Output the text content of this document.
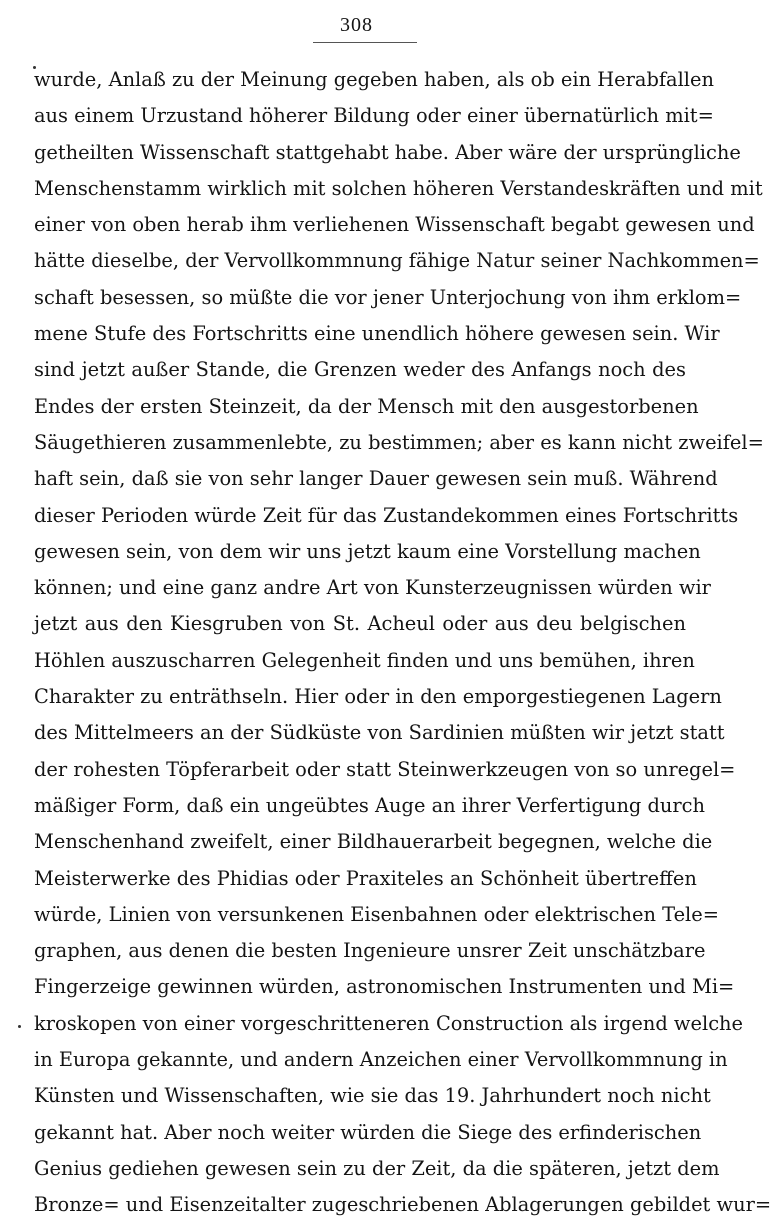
308
wurde, Anlaß zu der Meinung gegeben haben, als ob ein Herabfallen
aus einem Urzustand höherer Bildung oder einer übernatürlich mit=
getheilten Wissenschaft stattgehabt habe. Aber wäre der ursprüngliche
Menschenstamm wirklich mit solchen höheren Verstandeskräften und mit
einer von oben herab ihm verliehenen Wissenschaft begabt gewesen und
hätte dieselbe, der Vervollkommnung fähige Natur seiner Nachkommen=
schaft besessen, so müßte die vor jener Unterjochung von ihm erklom=
mene Stufe des Fortschritts eine unendlich höhere gewesen sein. Wir
sind jetzt außer Stande, die Grenzen weder des Anfangs noch des
Endes der ersten Steinzeit, da der Mensch mit den ausgestorbenen
Säugethieren zusammenlebte, zu bestimmen; aber es kann nicht zweifel=
haft sein, daß sie von sehr langer Dauer gewesen sein muß. Während
dieser Perioden würde Zeit für das Zustandekommen eines Fortschritts
gewesen sein, von dem wir uns jetzt kaum eine Vorstellung machen
können; und eine ganz andre Art von Kunsterzeugnissen würden wir
jetzt aus den Kiesgruben von St. Acheul oder aus deu belgischen
Höhlen auszuscharren Gelegenheit finden und uns bemühen, ihren
Charakter zu enträthseln. Hier oder in den emporgestiegenen Lagern
des Mittelmeers an der Südküste von Sardinien müßten wir jetzt statt
der rohesten Töpferarbeit oder statt Steinwerkzeugen von so unregel=
mäßiger Form, daß ein ungeübtes Auge an ihrer Verfertigung durch
Menschenhand zweifelt, einer Bildhauerarbeit begegnen, welche die
Meisterwerke des Phidias oder Praxiteles an Schönheit übertreffen
würde, Linien von versunkenen Eisenbahnen oder elektrischen Tele=
graphen, aus denen die besten Ingenieure unsrer Zeit unschätzbare
Fingerzeige gewinnen würden, astronomischen Instrumenten und Mi=
kroskopen von einer vorgeschritteneren Construction als irgend welche
in Europa gekannte, und andern Anzeichen einer Vervollkommnung in
Künsten und Wissenschaften, wie sie das 19. Jahrhundert noch nicht
gekannt hat. Aber noch weiter würden die Siege des erfinderischen
Genius gediehen gewesen sein zu der Zeit, da die späteren, jetzt dem
Bronze= und Eisenzeitalter zugeschriebenen Ablagerungen gebildet wur=
